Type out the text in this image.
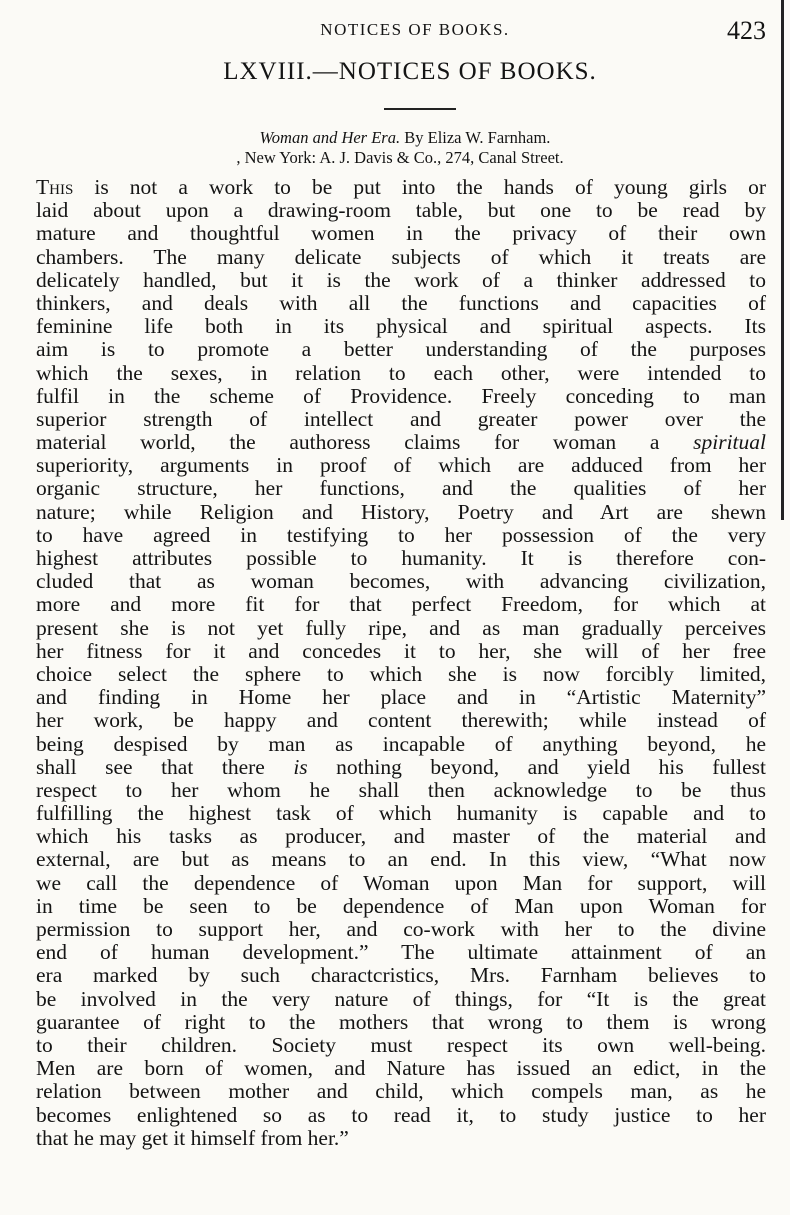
NOTICES OF BOOKS.	423
LXVIII.—NOTICES OF BOOKS.
Woman and Her Era. By Eliza W. Farnham.
, New York: A. J. Davis & Co., 274, Canal Street.
This is not a work to be put into the hands of young girls or
laid about upon a drawing-room table, but one to be read by
mature and thoughtful women in the privacy of their own
chambers. The many delicate subjects of which it treats are
delicately handled, but it is the work of a thinker addressed to
thinkers, and deals with all the functions and capacities of
feminine life both in its physical and spiritual aspects. Its
aim is to promote a better understanding of the purposes
which the sexes, in relation to each other, were intended to
fulfil in the scheme of Providence. Freely conceding to man
superior strength of intellect and greater power over the
material world, the authoress claims for woman a spiritual
superiority, arguments in proof of which are adduced from her
organic structure, her functions, and the qualities of her
nature; while Religion and History, Poetry and Art are shewn
to have agreed in testifying to her possession of the very
highest attributes possible to humanity. It is therefore con-
cluded that as woman becomes, with advancing civilization,
more and more fit for that perfect Freedom, for which at
present she is not yet fully ripe, and as man gradually perceives
her fitness for it and concedes it to her, she will of her free
choice select the sphere to which she is now forcibly limited,
and finding in Home her place and in “Artistic Maternity”
her work, be happy and content therewith; while instead of
being despised by man as incapable of anything beyond, he
shall see that there is nothing beyond, and yield his fullest
respect to her whom he shall then acknowledge to be thus
fulfilling the highest task of which humanity is capable and to
which his tasks as producer, and master of the material and
external, are but as means to an end. In this view, “What now
we call the dependence of Woman upon Man for support, will
in time be seen to be dependence of Man upon Woman for
permission to support her, and co-work with her to the divine
end of human development.” The ultimate attainment of an
era marked by such charactcristics, Mrs. Farnham believes to
be involved in the very nature of things, for “It is the great
guarantee of right to the mothers that wrong to them is wrong
to their children. Society must respect its own well-being.
Men are born of women, and Nature has issued an edict, in the
relation between mother and child, which compels man, as he
becomes enlightened so as to read it, to study justice to her
that he may get it himself from her.”
